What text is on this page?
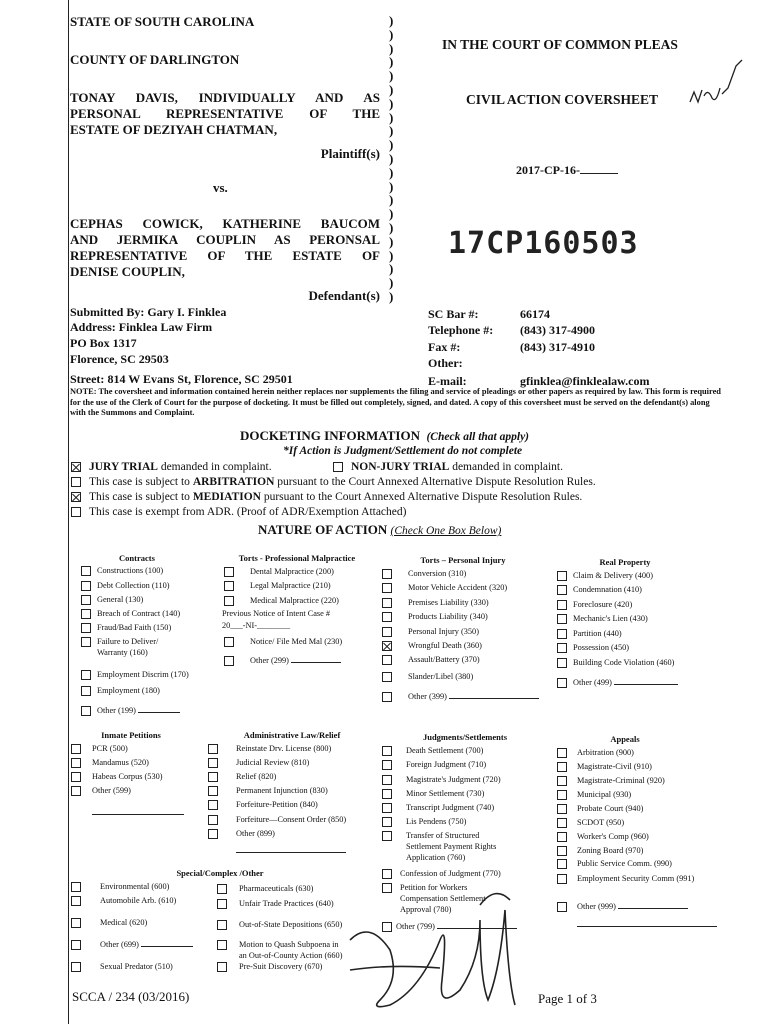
STATE OF SOUTH CAROLINA
COUNTY OF DARLINGTON
TONAY DAVIS, INDIVIDUALLY AND AS
PERSONAL REPRESENTATIVE OF THE
ESTATE OF DEZIYAH CHATMAN,
Plaintiff(s)
vs.
CEPHAS COWICK, KATHERINE BAUCOM
AND JERMIKA COUPLIN AS PERONSAL
REPRESENTATIVE OF THE ESTATE OF
DENISE COUPLIN,
Defendant(s)
)
)
)
)
)
)
)
)
)
)
)
)
)
)
)
)
)
)
)
)
)
IN THE COURT OF COMMON PLEAS
CIVIL ACTION COVERSHEET
2017-CP-16-
17CP160503
Submitted By: Gary I. Finklea
Address: Finklea Law Firm
PO Box 1317
Florence, SC 29503
Street: 814 W Evans St, Florence, SC 29501
SC Bar #:	66174
Telephone #: (843) 317-4900
Fax #:	(843) 317-4910
Other:
E-mail:	gfinklea@finklealaw.com
NOTE: The coversheet and information contained herein neither replaces nor supplements the filing and service of pleadings or other papers as required by law. This form is required for the use of the Clerk of Court for the purpose of docketing. It must be filled out completely, signed, and dated. A copy of this coversheet must be served on the defendant(s) along with the Summons and Complaint.
DOCKETING INFORMATION (Check all that apply)
*If Action is Judgment/Settlement do not complete
JURY TRIAL demanded in complaint.	NON-JURY TRIAL demanded in complaint.
This case is subject to ARBITRATION pursuant to the Court Annexed Alternative Dispute Resolution Rules.
This case is subject to MEDIATION pursuant to the Court Annexed Alternative Dispute Resolution Rules.
This case is exempt from ADR. (Proof of ADR/Exemption Attached)
NATURE OF ACTION (Check One Box Below)
Contracts	Torts - Professional Malpractice	Torts – Personal Injury	Real Property
Inmate Petitions	Administrative Law/Relief	Judgments/Settlements	Appeals
Special/Complex /Other
Constructions (100)
Debt Collection (110)
General (130)
Breach of Contract (140)
Fraud/Bad Faith (150)
Failure to Deliver/
Warranty (160)
Employment Discrim (170)
Employment (180)
Other (199)
Dental Malpractice (200)
Legal Malpractice (210)
Medical Malpractice (220)
Previous Notice of Intent Case #
20___-NI-________
Notice/ File Med Mal (230)
Other (299)
Conversion (310)
Motor Vehicle Accident (320)
Premises Liability (330)
Products Liability (340)
Personal Injury (350)
Wrongful Death (360)
Assault/Battery (370)
Slander/Libel (380)
Other (399)
Claim & Delivery (400)
Condemnation (410)
Foreclosure (420)
Mechanic's Lien (430)
Partition (440)
Possession (450)
Building Code Violation (460)
Other (499)
PCR (500)
Mandamus (520)
Habeas Corpus (530)
Other (599)
Reinstate Drv. License (800)
Judicial Review (810)
Relief (820)
Permanent Injunction (830)
Forfeiture-Petition (840)
Forfeiture—Consent Order (850)
Other (899)
Death Settlement (700)
Foreign Judgment (710)
Magistrate's Judgment (720)
Minor Settlement (730)
Transcript Judgment (740)
Lis Pendens (750)
Transfer of Structured
Settlement Payment Rights
Application (760)
Confession of Judgment (770)
Petition for Workers
Compensation Settlement
Approval (780)
Other (799)
Arbitration (900)
Magistrate-Civil (910)
Magistrate-Criminal (920)
Municipal (930)
Probate Court (940)
SCDOT (950)
Worker's Comp (960)
Zoning Board (970)
Public Service Comm. (990)
Employment Security Comm (991)
Other (999)
Environmental (600)
Automobile Arb. (610)
Medical (620)
Other (699)
Sexual Predator (510)
Pharmaceuticals (630)
Unfair Trade Practices (640)
Out-of-State Depositions (650)
Motion to Quash Subpoena in
an Out-of-County Action (660)
Pre-Suit Discovery (670)
SCCA / 234 (03/2016)	Page 1 of 3
